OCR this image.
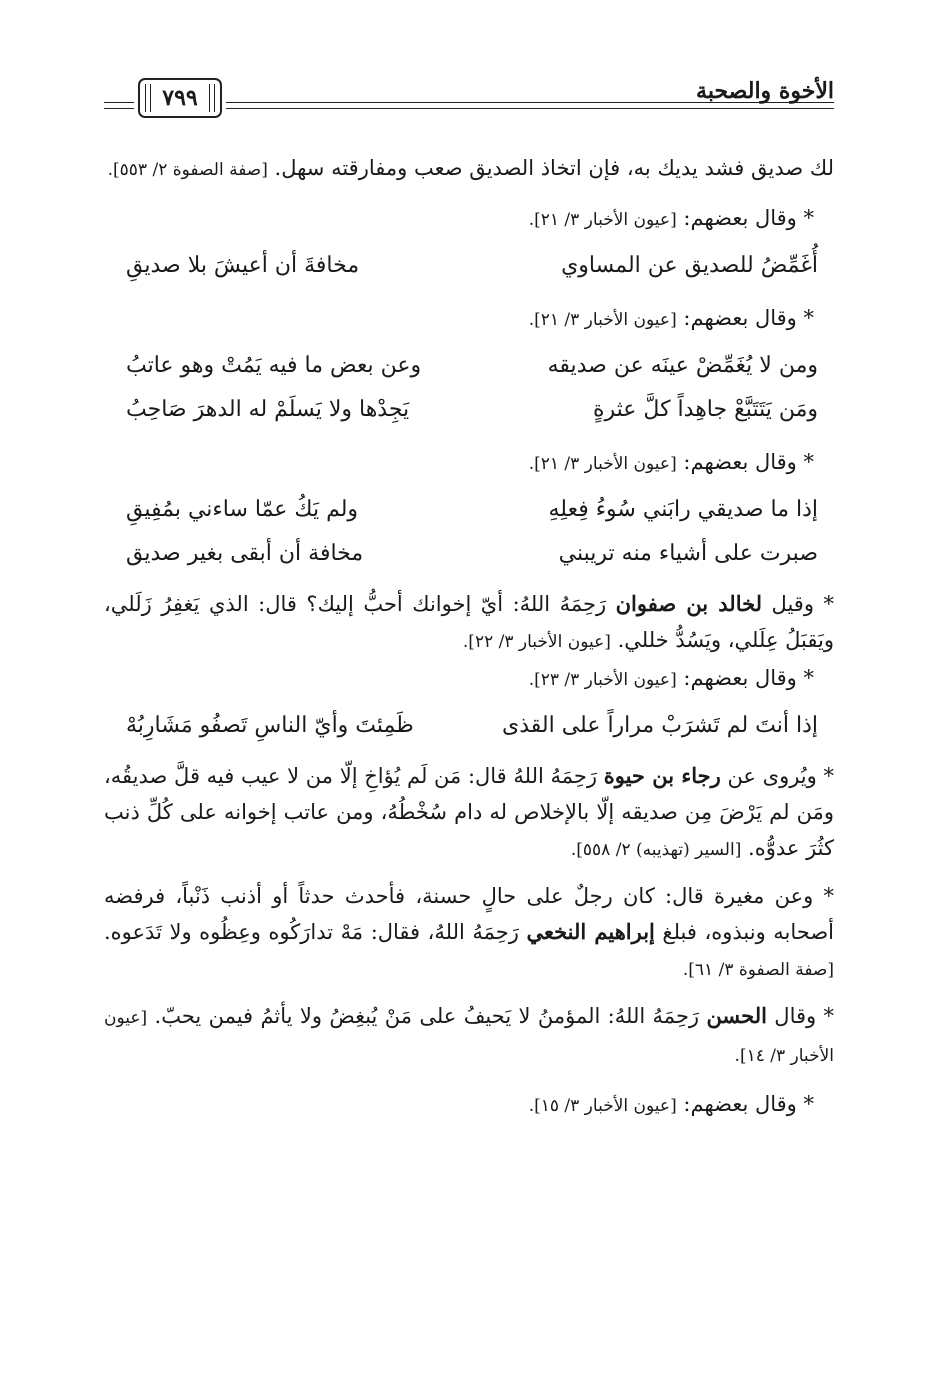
الأخوة والصحبة
٧٩٩

لك صديق فشد يديك به، فإن اتخاذ الصديق صعب ومفارقته سهل. [صفة الصفوة ٢/ ٥٥٣].

* وقال بعضهم: [عيون الأخبار ٣/ ٢١].

أُغَمِّضُ للصديق عن المساوي
مخافةَ أن أعيشَ بلا صديقِ

* وقال بعضهم: [عيون الأخبار ٣/ ٢١].

ومن لا يُغَمِّضْ عينَه عن صديقه
وعن بعض ما فيه يَمُتْ وهو عاتبُ
ومَن يَتَتَبَّعْ جاهِداً كلَّ عثرةٍ
يَجِدْها ولا يَسلَمْ له الدهرَ صَاحِبُ

* وقال بعضهم: [عيون الأخبار ٣/ ٢١].

إذا ما صديقي رابَني سُوءُ فِعلِهِ
ولم يَكُ عمّا ساءني بمُفِيقِ
صبرت على أشياء منه تريبني
مخافة أن أبقى بغير صديق

* وقيل لخالد بن صفوان رَحِمَهُ اللهُ: أيّ إخوانك أحبُّ إليك؟ قال: الذي يَغفِرُ زَلَلي، ويَقبَلُ عِلَلي، ويَسُدُّ خللي. [عيون الأخبار ٣/ ٢٢].

* وقال بعضهم: [عيون الأخبار ٣/ ٢٣].

إذا أنتَ لم تَشرَبْ مراراً على القذى
ظَمِئتَ وأيّ الناسِ تَصفُو مَشَارِبُهْ

* ويُروى عن رجاء بن حيوة رَحِمَهُ اللهُ قال: مَن لَم يُؤاخِ إلّا من لا عيب فيه قلَّ صديقُه، ومَن لم يَرْضَ مِن صديقه إلّا بالإخلاص له دام سُخْطُهُ، ومن عاتب إخوانه على كُلِّ ذنب كثُرَ عدوُّه. [السير (تهذيبه) ٢/ ٥٥٨].

* وعن مغيرة قال: كان رجلٌ على حالٍ حسنة، فأحدث حدثاً أو أذنب ذَنْباً، فرفضه أصحابه ونبذوه، فبلغ إبراهيم النخعي رَحِمَهُ اللهُ، فقال: مَهْ تدارَكُوه وعِظُوه ولا تَدَعوه. [صفة الصفوة ٣/ ٦١].

* وقال الحسن رَحِمَهُ اللهُ: المؤمنُ لا يَحيفُ على مَنْ يُبغِضُ ولا يأثمُ فيمن يحبّ. [عيون الأخبار ٣/ ١٤].

* وقال بعضهم: [عيون الأخبار ٣/ ١٥].
